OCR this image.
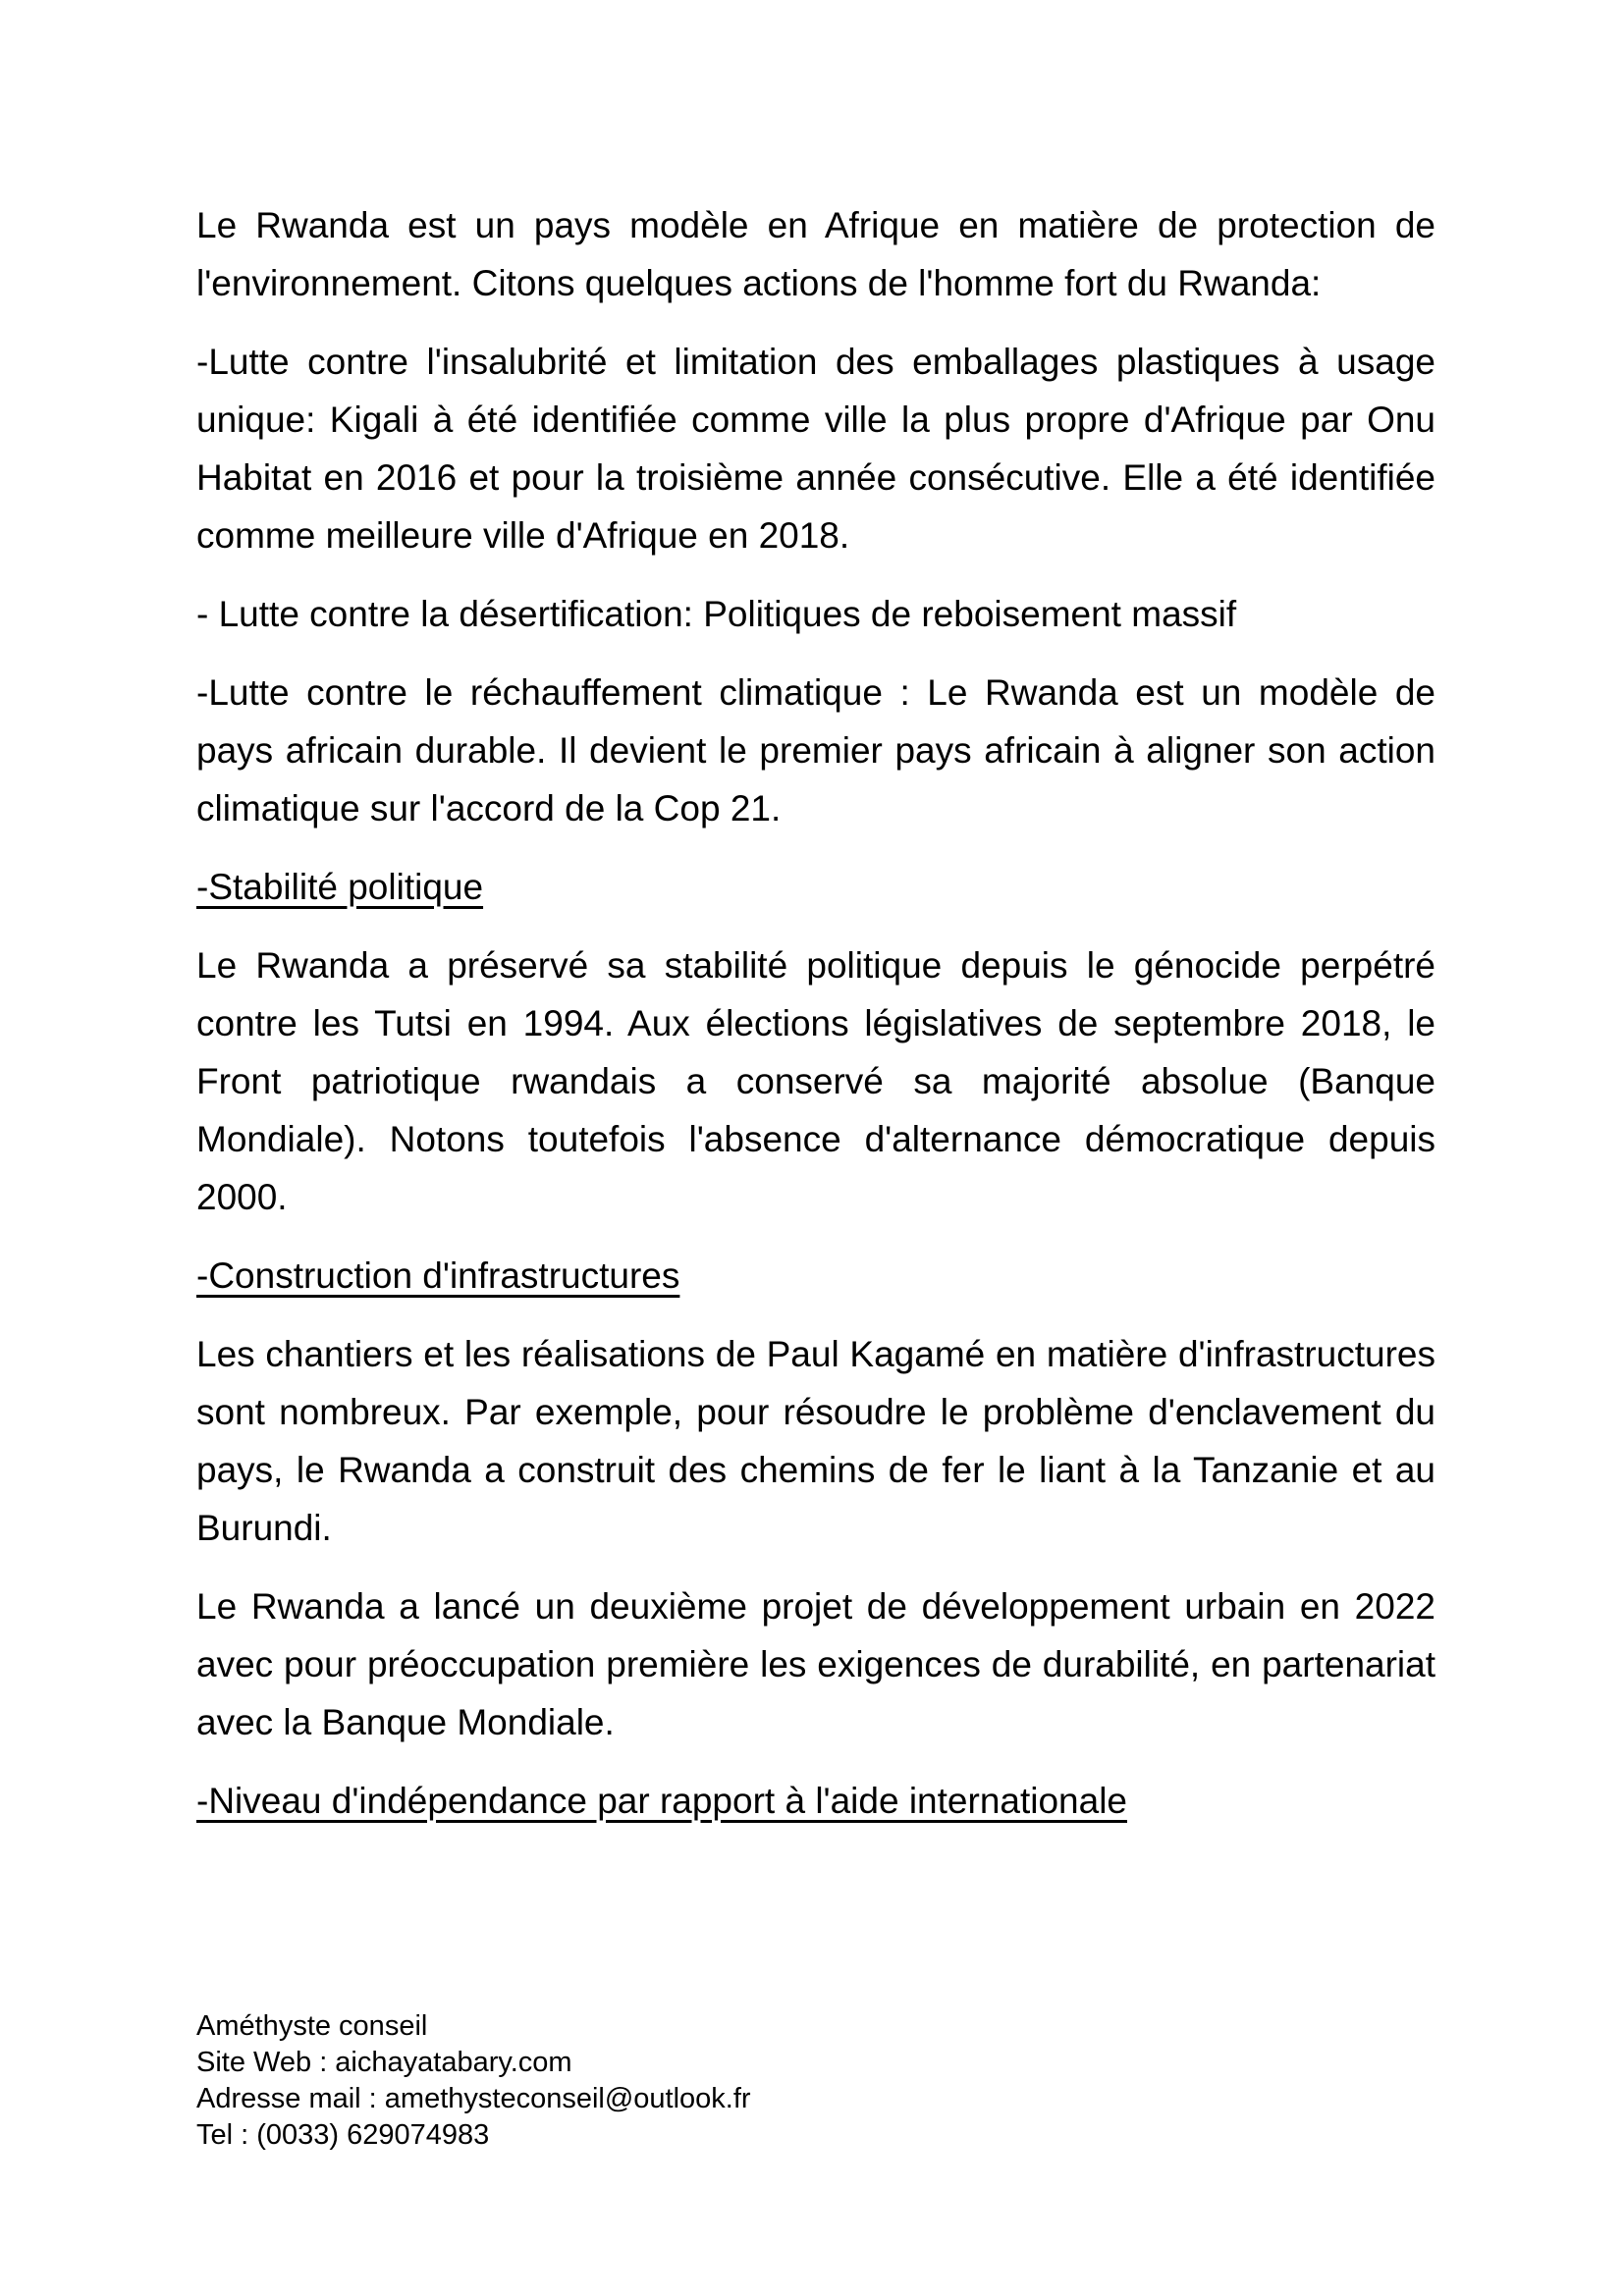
Le Rwanda est un pays modèle en Afrique en matière de protection de l'environnement. Citons quelques actions de l'homme fort du Rwanda:

-Lutte contre l'insalubrité et limitation des emballages plastiques à usage unique: Kigali à été identifiée comme ville la plus propre d'Afrique par Onu Habitat en 2016 et pour la troisième année consécutive. Elle a été identifiée comme meilleure ville d'Afrique en 2018.

- Lutte contre la désertification: Politiques de reboisement massif

-Lutte contre le réchauffement climatique : Le Rwanda est un modèle de pays africain durable. Il devient le premier pays africain à aligner son action climatique sur l'accord de la Cop 21.

-Stabilité politique

Le Rwanda a préservé sa stabilité politique depuis le génocide perpétré contre les Tutsi en 1994. Aux élections législatives de septembre 2018, le Front patriotique rwandais a conservé sa majorité absolue (Banque Mondiale). Notons toutefois l'absence d'alternance démocratique depuis 2000.

-Construction d'infrastructures

Les chantiers et les réalisations de Paul Kagamé en matière d'infrastructures sont nombreux. Par exemple, pour résoudre le problème d'enclavement du pays, le Rwanda a construit des chemins de fer le liant à la Tanzanie et au Burundi.

Le Rwanda a lancé un deuxième projet de développement urbain en 2022 avec pour préoccupation première les exigences de durabilité, en partenariat avec la Banque Mondiale.

-Niveau d'indépendance par rapport à l'aide internationale

Améthyste conseil

Site Web : aichayatabary.com

Adresse mail : amethysteconseil@outlook.fr

Tel : (0033) 629074983
